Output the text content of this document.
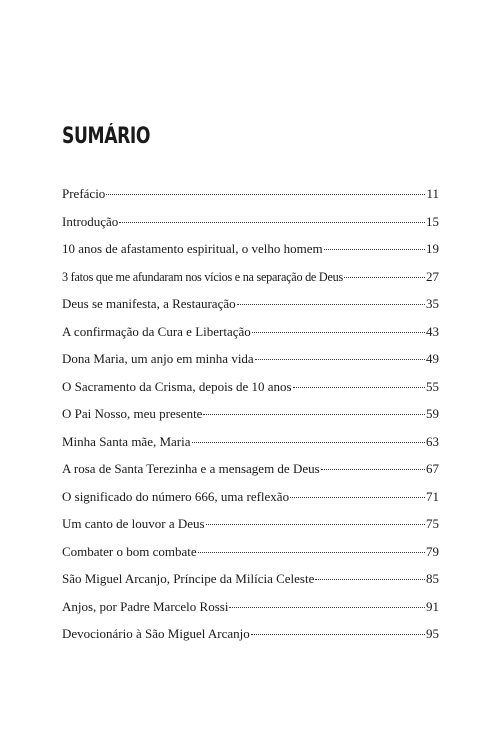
SUMÁRIO
Prefácio	11
Introdução	15
10 anos de afastamento espiritual, o velho homem	19
3 fatos que me afundaram nos vícios e na separação de Deus	27
Deus se manifesta, a Restauração	35
A confirmação da Cura e Libertação	43
Dona Maria, um anjo em minha vida	49
O Sacramento da Crisma, depois de 10 anos	55
O Pai Nosso, meu presente	59
Minha Santa mãe, Maria	63
A rosa de Santa Terezinha e a mensagem de Deus	67
O significado do número 666, uma reflexão	71
Um canto de louvor a Deus	75
Combater o bom combate	79
São Miguel Arcanjo, Príncipe da Milícia Celeste	85
Anjos, por Padre Marcelo Rossi	91
Devocionário à São Miguel Arcanjo	95
